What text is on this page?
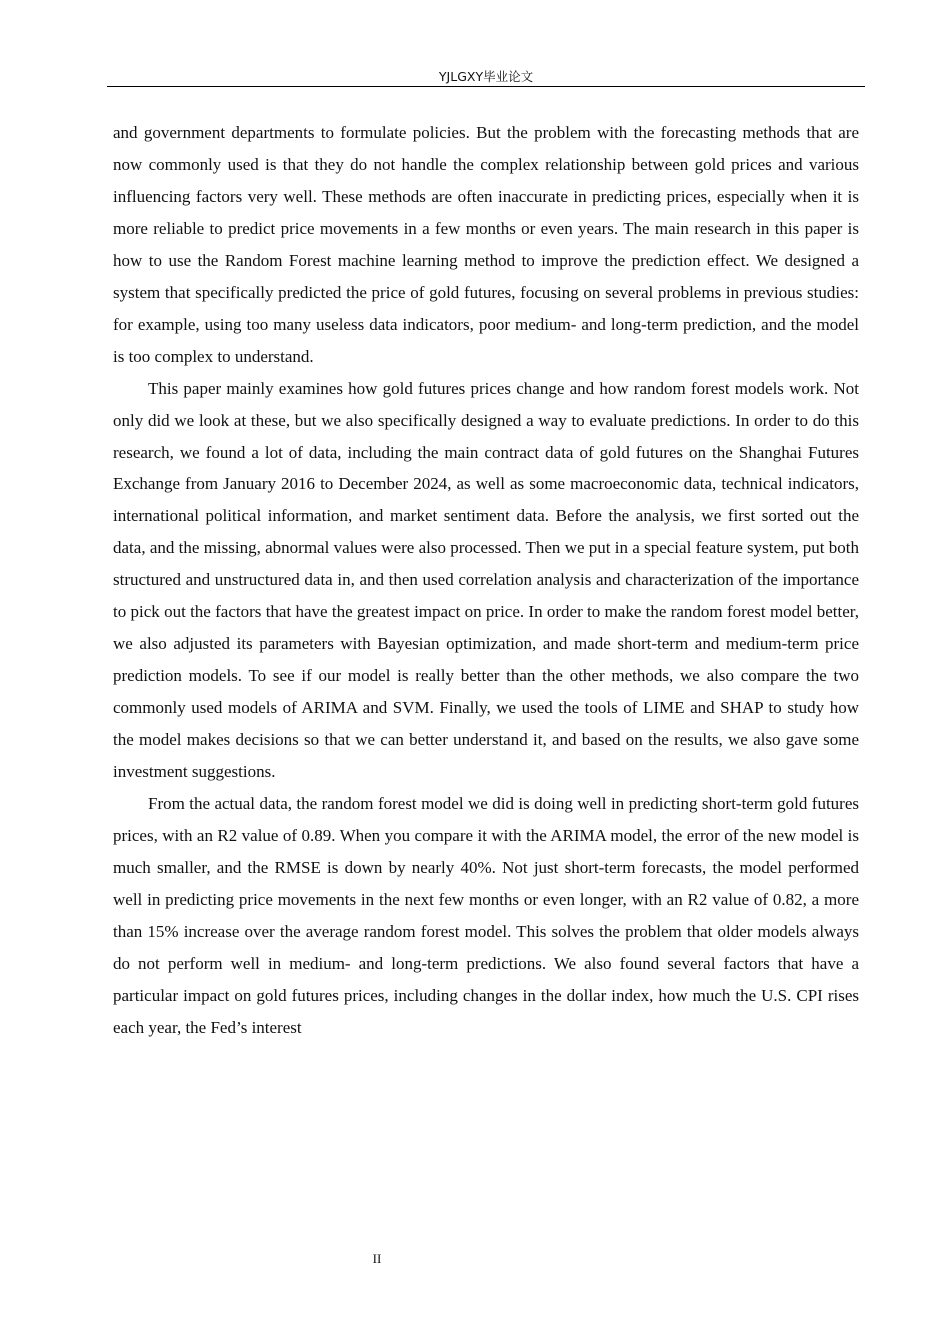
YJLGXY毕业论文

and government departments to formulate policies. But the problem with the forecasting methods that are now commonly used is that they do not handle the complex relationship between gold prices and various influencing factors very well. These methods are often inaccurate in predicting prices, especially when it is more reliable to predict price movements in a few months or even years. The main research in this paper is how to use the Random Forest machine learning method to improve the prediction effect. We designed a system that specifically predicted the price of gold futures, focusing on several problems in previous studies: for example, using too many useless data indicators, poor medium- and long-term prediction, and the model is too complex to understand.

This paper mainly examines how gold futures prices change and how random forest models work. Not only did we look at these, but we also specifically designed a way to evaluate predictions. In order to do this research, we found a lot of data, including the main contract data of gold futures on the Shanghai Futures Exchange from January 2016 to December 2024, as well as some macroeconomic data, technical indicators, international political information, and market sentiment data. Before the analysis, we first sorted out the data, and the missing, abnormal values were also processed. Then we put in a special feature system, put both structured and unstructured data in, and then used correlation analysis and characterization of the importance to pick out the factors that have the greatest impact on price. In order to make the random forest model better, we also adjusted its parameters with Bayesian optimization, and made short-term and medium-term price prediction models. To see if our model is really better than the other methods, we also compare the two commonly used models of ARIMA and SVM. Finally, we used the tools of LIME and SHAP to study how the model makes decisions so that we can better understand it, and based on the results, we also gave some investment suggestions.

From the actual data, the random forest model we did is doing well in predicting short-term gold futures prices, with an R2 value of 0.89. When you compare it with the ARIMA model, the error of the new model is much smaller, and the RMSE is down by nearly 40%. Not just short-term forecasts, the model performed well in predicting price movements in the next few months or even longer, with an R2 value of 0.82, a more than 15% increase over the average random forest model. This solves the problem that older models always do not perform well in medium- and long-term predictions. We also found several factors that have a particular impact on gold futures prices, including changes in the dollar index, how much the U.S. CPI rises each year, the Fed’s interest

II
